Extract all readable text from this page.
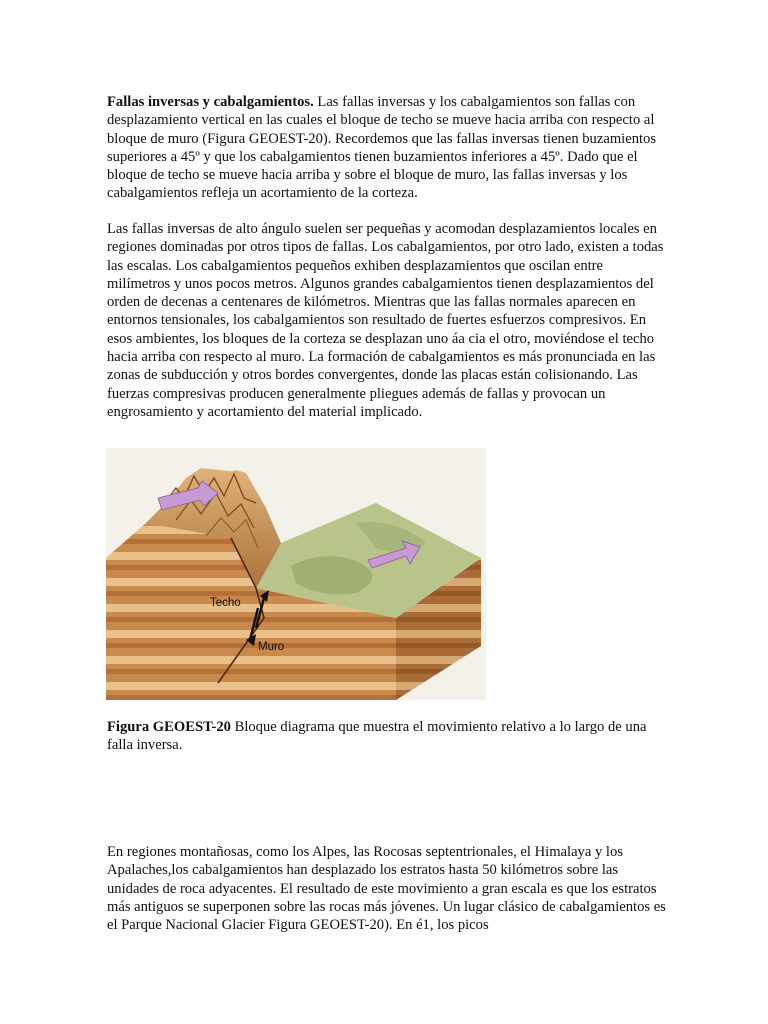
Fallas inversas y cabalgamientos. Las fallas inversas y los cabalgamientos son fallas con desplazamiento vertical en las cuales el bloque de techo se mueve hacia arriba con respecto al bloque de muro (Figura GEOEST-20). Recordemos que las fallas inversas tienen buzamientos superiores a 45º y que los cabalgamientos tienen buzamientos inferiores a 45º. Dado que el bloque de techo se mueve hacia arriba y sobre el bloque de muro, las fallas inversas y los cabalgamientos refleja un acortamiento de la corteza.

Las fallas inversas de alto ángulo suelen ser pequeñas y acomodan desplazamientos locales en regiones dominadas por otros tipos de fallas. Los cabalgamientos, por otro lado, existen a todas las escalas. Los cabalgamientos pequeños exhiben desplazamientos que oscilan entre milímetros y unos pocos metros. Algunos grandes cabalgamientos tienen desplazamientos del orden de decenas a centenares de kilómetros. Mientras que las fallas normales aparecen en entornos tensionales, los cabalgamientos son resultado de fuertes esfuerzos compresivos. En esos ambientes, los bloques de la corteza se desplazan uno áa cia el otro, moviéndose el techo hacia arriba con respecto al muro. La formación de cabalgamientos es más pronunciada en las zonas de subducción y otros bordes convergentes, donde las placas están colisionando. Las fuerzas compresivas producen generalmente pliegues además de fallas y provocan un engrosamiento y acortamiento del material implicado.

Techo
Muro

Figura GEOEST-20 Bloque diagrama que muestra el movimiento relativo a lo largo de una falla inversa.

En regiones montañosas, como los Alpes, las Rocosas septentrionales, el Himalaya y los Apalaches,los cabalgamientos han desplazado los estratos hasta 50 kilómetros sobre las unidades de roca adyacentes. El resultado de este movimiento a gran escala es que los estratos más antiguos se superponen sobre las rocas más jóvenes. Un lugar clásico de cabalgamientos es el Parque Nacional Glacier Figura GEOEST-20). En é1, los picos
